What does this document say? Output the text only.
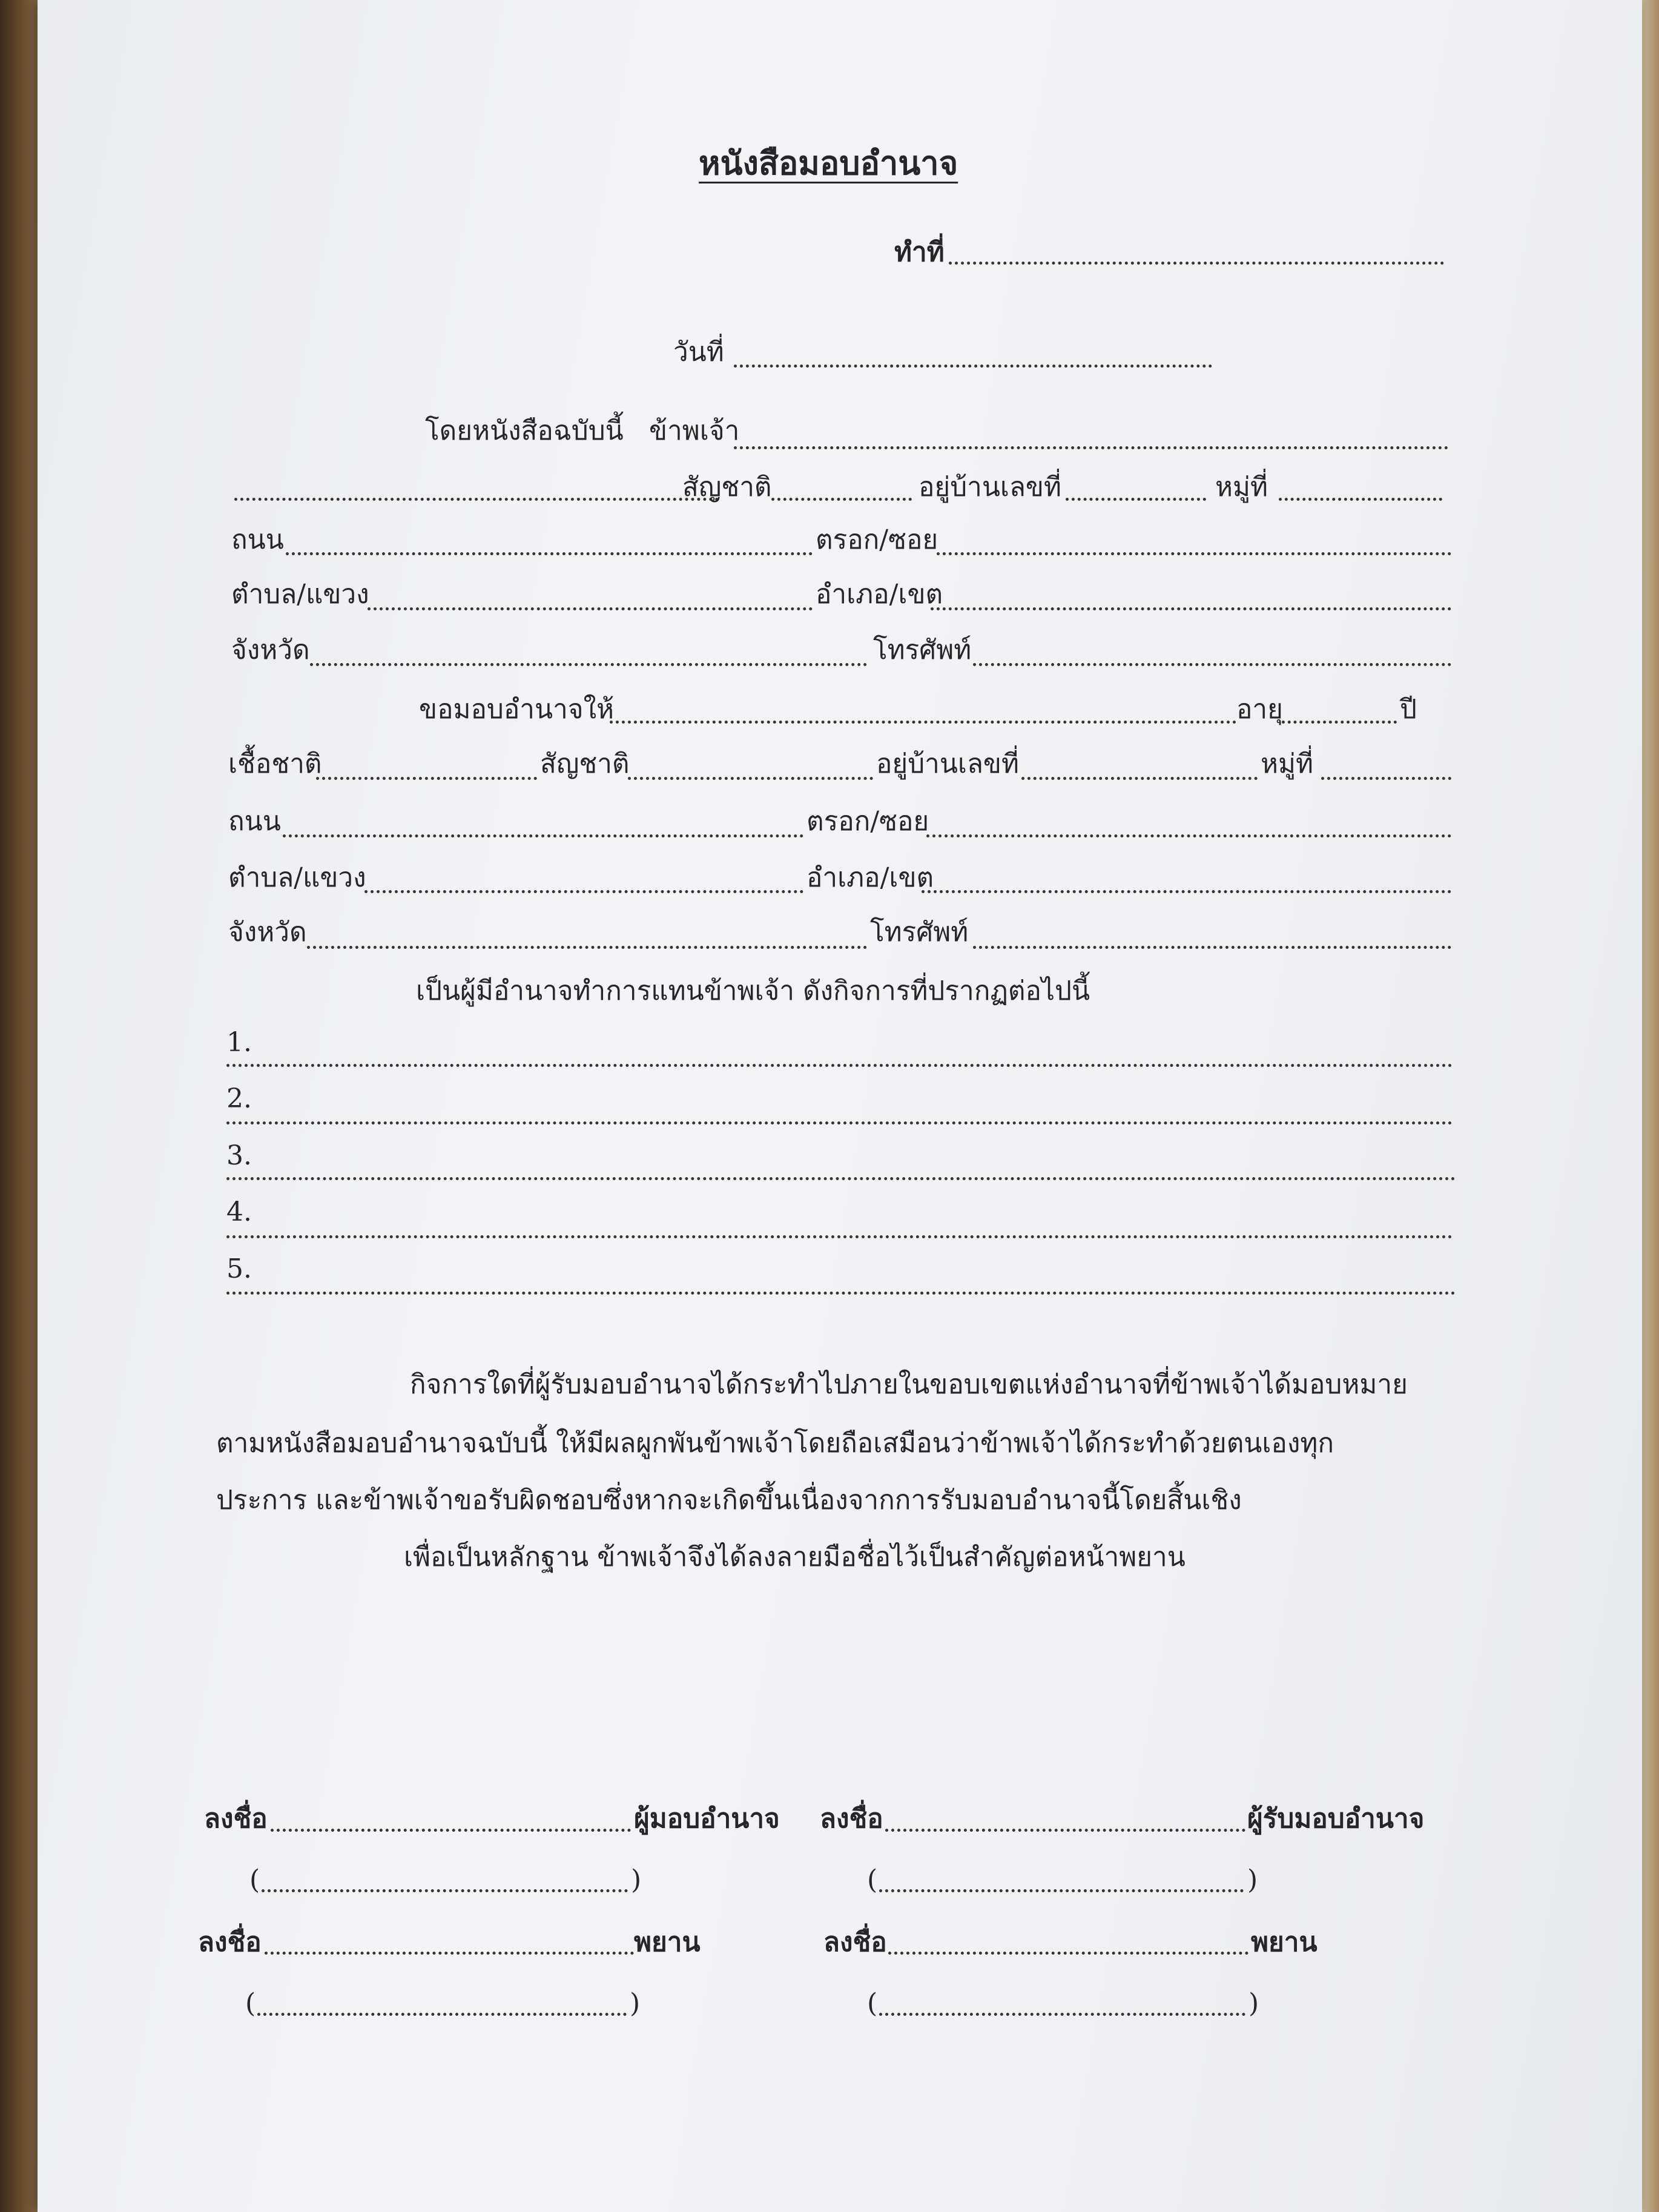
หนังสือมอบอำนาจ
ทำที่
วันที่
โดยหนังสือฉบับนี้ ข้าพเจ้า
สัญชาติ	อยู่บ้านเลขที่	หมู่ที่
ถนน	ตรอก/ซอย
ตำบล/แขวง	อำเภอ/เขต
จังหวัด	โทรศัพท์
ขอมอบอำนาจให้	อายุ	ปี
เชื้อชาติ	สัญชาติ	อยู่บ้านเลขที่	หมู่ที่
ถนน	ตรอก/ซอย
ตำบล/แขวง	อำเภอ/เขต
จังหวัด	โทรศัพท์
เป็นผู้มีอำนาจทำการแทนข้าพเจ้า ดังกิจการที่ปรากฏต่อไปนี้
1.
2.
3.
4.
5.
กิจการใดที่ผู้รับมอบอำนาจได้กระทำไปภายในขอบเขตแห่งอำนาจที่ข้าพเจ้าได้มอบหมาย
ตามหนังสือมอบอำนาจฉบับนี้ ให้มีผลผูกพันข้าพเจ้าโดยถือเสมือนว่าข้าพเจ้าได้กระทำด้วยตนเองทุก
ประการ และข้าพเจ้าขอรับผิดชอบซึ่งหากจะเกิดขึ้นเนื่องจากการรับมอบอำนาจนี้โดยสิ้นเชิง
เพื่อเป็นหลักฐาน ข้าพเจ้าจึงได้ลงลายมือชื่อไว้เป็นสำคัญต่อหน้าพยาน
ลงชื่อ	ผู้มอบอำนาจ ลงชื่อ	ผู้รับมอบอำนาจ
(	)	(	)
ลงชื่อ	พยาน	ลงชื่อ	พยาน
(	)	(	)
